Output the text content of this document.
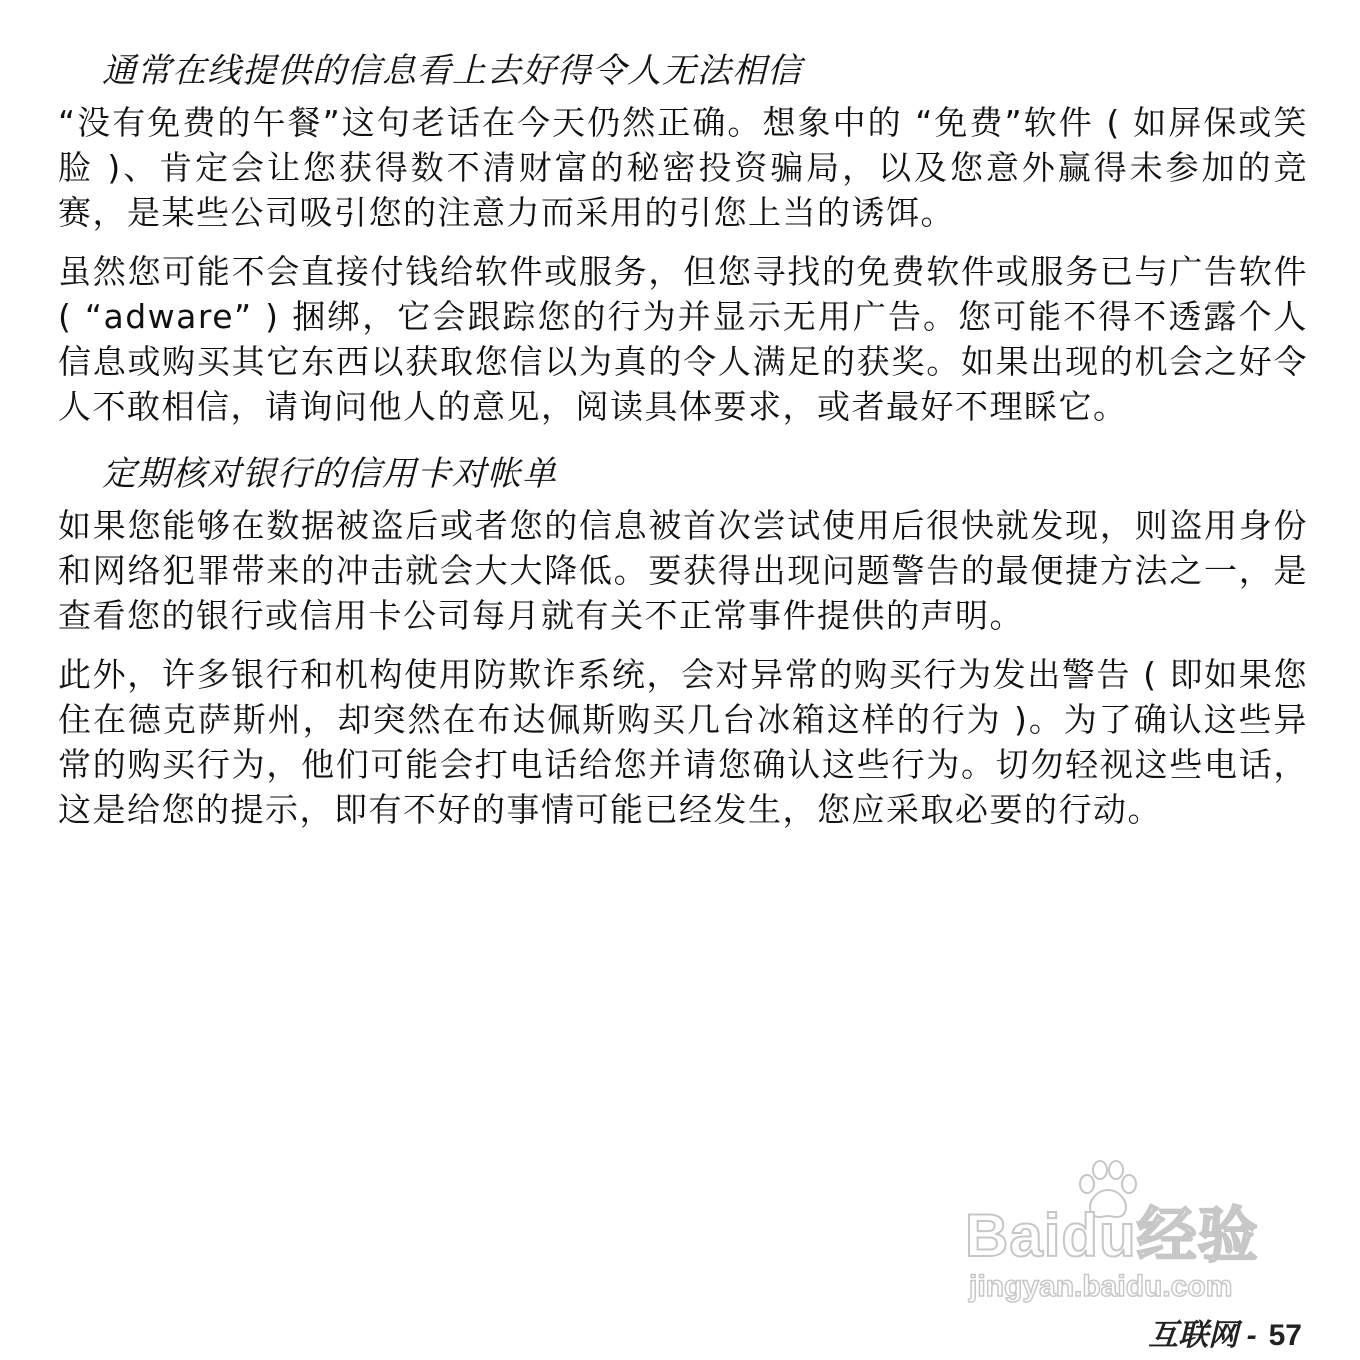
通常在线提供的信息看上去好得令人无法相信
“没有免费的午餐”这句老话在今天仍然正确。想象中的 “免费”软件 ( 如屏保或笑脸 )、肯定会让您获得数不清财富的秘密投资骗局，以及您意外赢得未参加的竞赛，是某些公司吸引您的注意力而采用的引您上当的诱饵。
虽然您可能不会直接付钱给软件或服务，但您寻找的免费软件或服务已与广告软件 ( “adware” ) 捆绑，它会跟踪您的行为并显示无用广告。您可能不得不透露个人信息或购买其它东西以获取您信以为真的令人满足的获奖。如果出现的机会之好令人不敢相信，请询问他人的意见，阅读具体要求，或者最好不理睬它。
定期核对银行的信用卡对帐单
如果您能够在数据被盗后或者您的信息被首次尝试使用后很快就发现，则盗用身份和网络犯罪带来的冲击就会大大降低。要获得出现问题警告的最便捷方法之一，是查看您的银行或信用卡公司每月就有关不正常事件提供的声明。
此外，许多银行和机构使用防欺诈系统，会对异常的购买行为发出警告 ( 即如果您住在德克萨斯州，却突然在布达佩斯购买几台冰箱这样的行为 )。为了确认这些异常的购买行为，他们可能会打电话给您并请您确认这些行为。切勿轻视这些电话，这是给您的提示，即有不好的事情可能已经发生，您应采取必要的行动。
Baidu经验
jingyan.baidu.com
互联网 - 57
